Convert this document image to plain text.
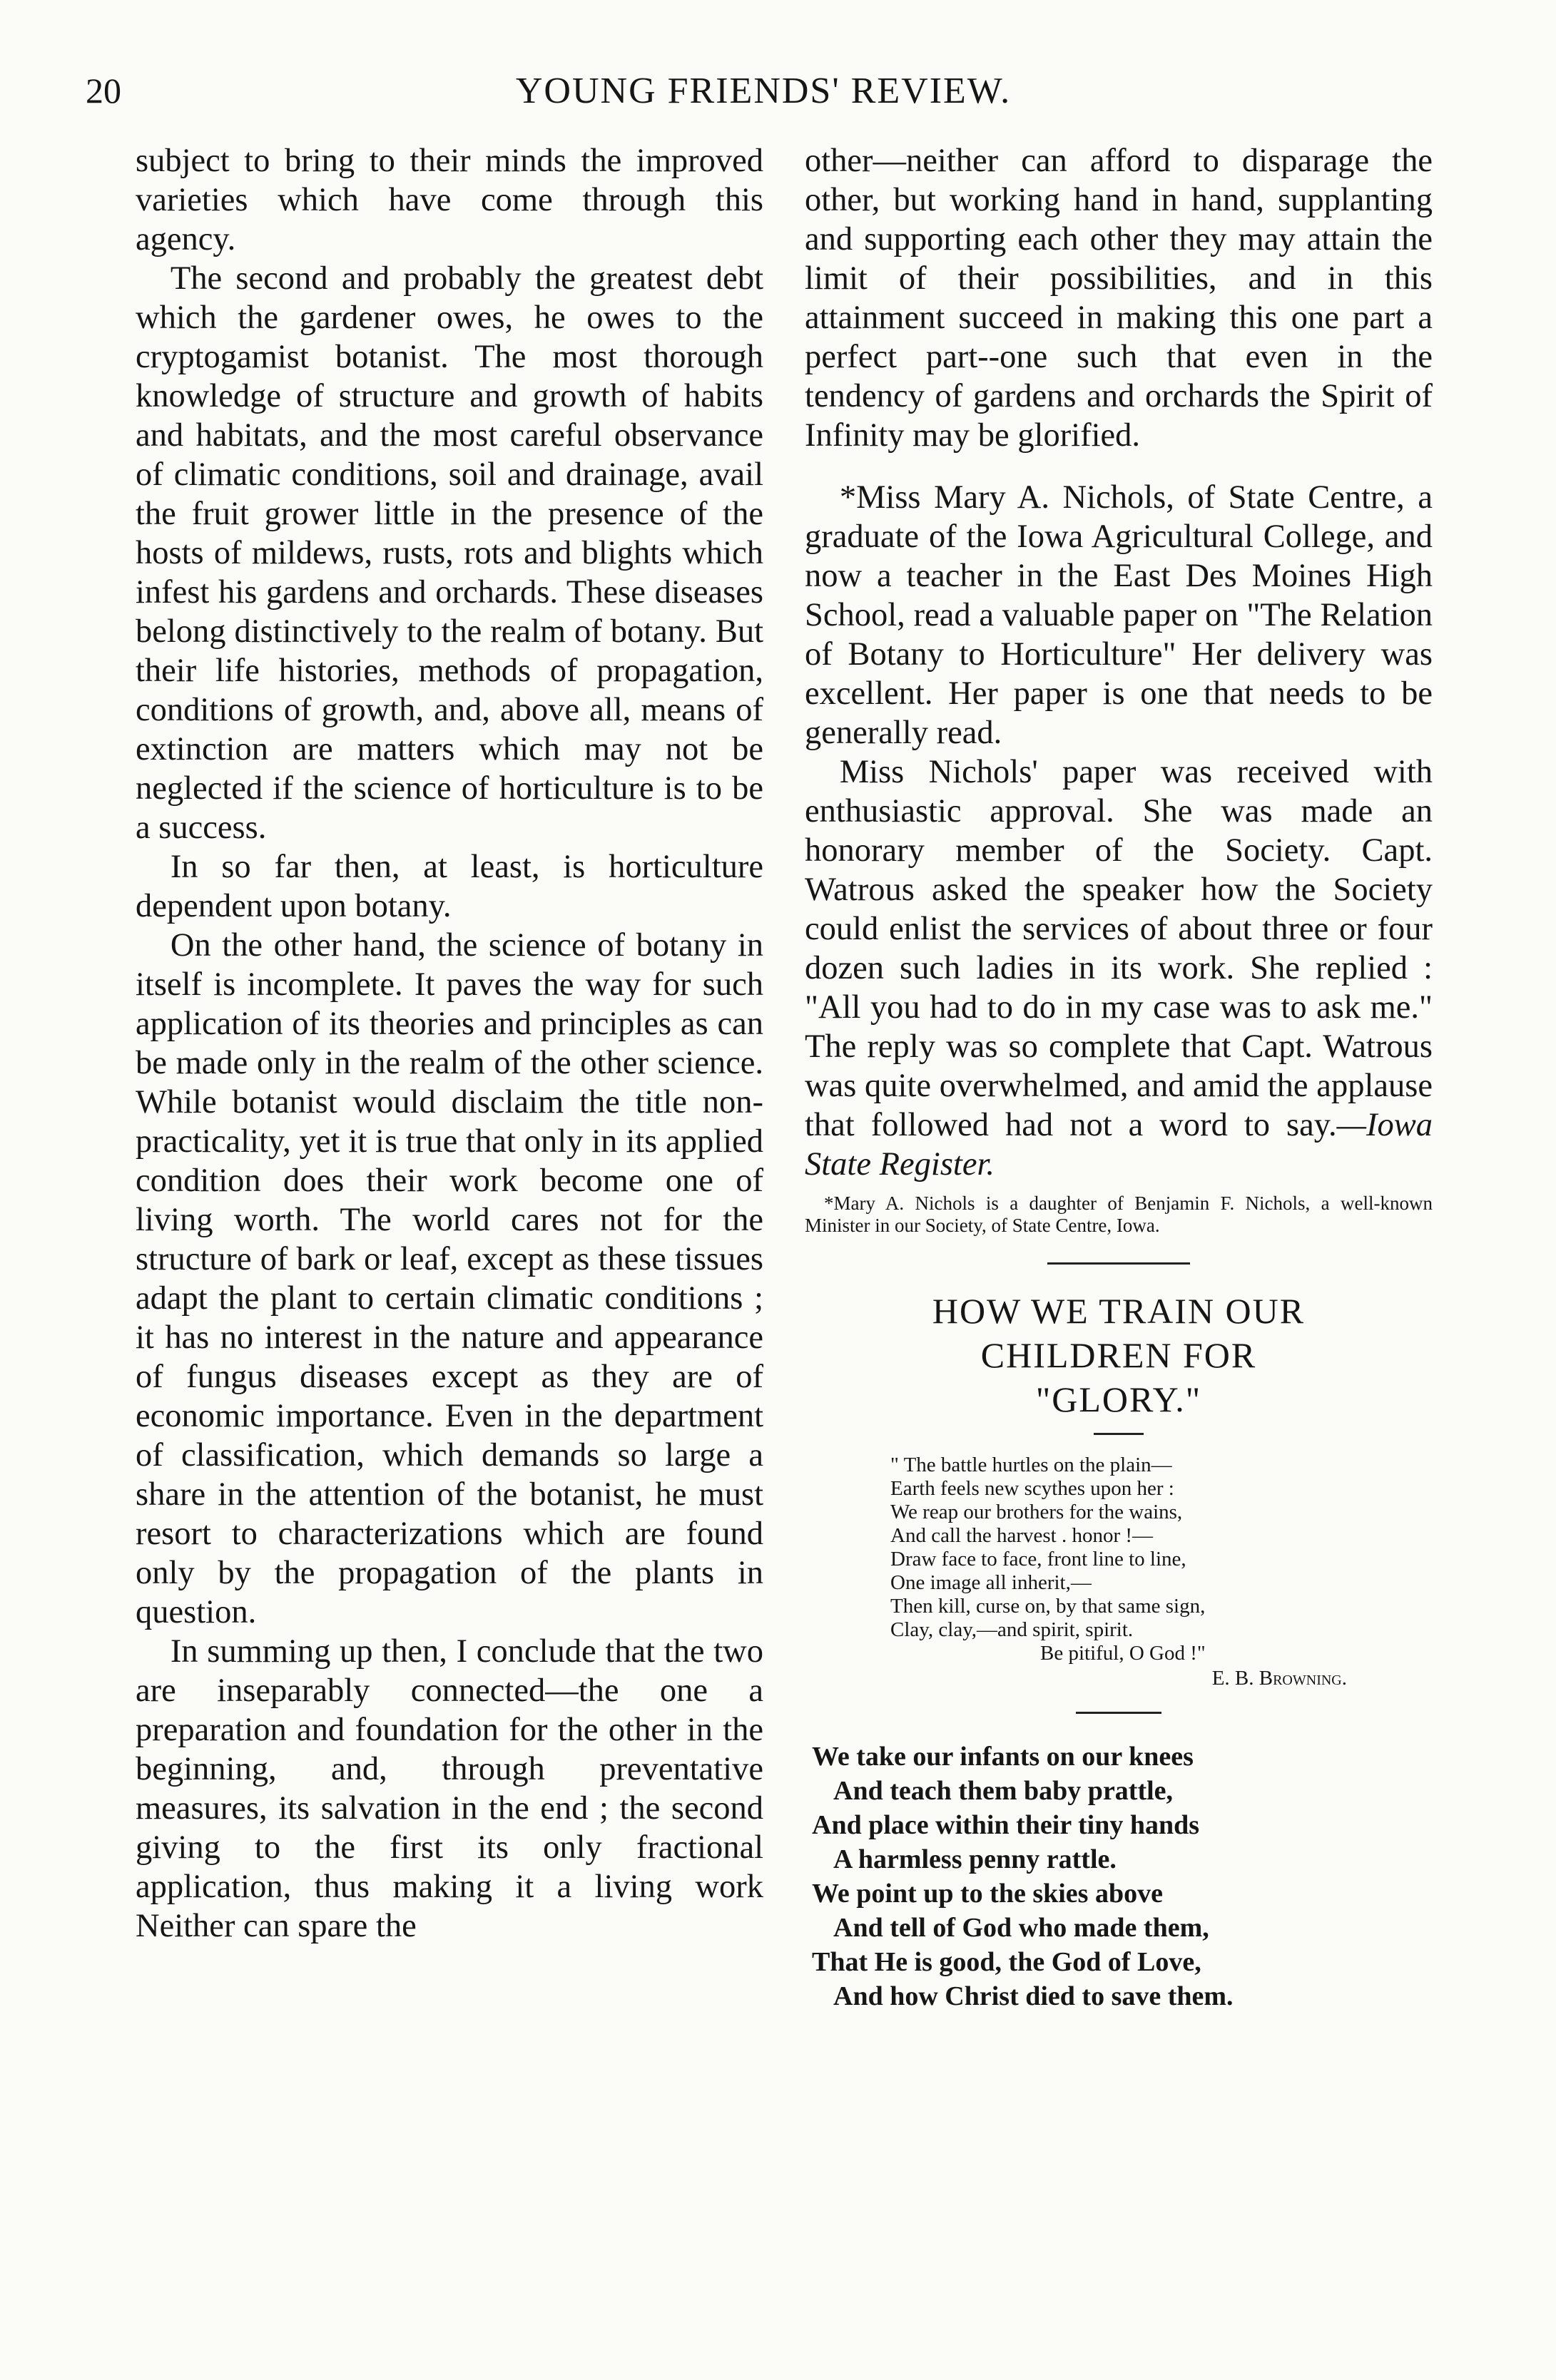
20	YOUNG FRIENDS' REVIEW.

subject to bring to their minds the improved varieties which have come through this agency.

The second and probably the greatest debt which the gardener owes, he owes to the cryptogamist botanist. The most thorough knowledge of structure and growth of habits and habitats, and the most careful observance of climatic conditions, soil and drainage, avail the fruit grower little in the presence of the hosts of mildews, rusts, rots and blights which infest his gardens and orchards. These diseases belong distinctively to the realm of botany. But their life histories, methods of propagation, conditions of growth, and, above all, means of extinction are matters which may not be neglected if the science of horticulture is to be a success.

In so far then, at least, is horticulture dependent upon botany.

On the other hand, the science of botany in itself is incomplete. It paves the way for such application of its theories and principles as can be made only in the realm of the other science. While botanist would disclaim the title non-practicality, yet it is true that only in its applied condition does their work become one of living worth. The world cares not for the structure of bark or leaf, except as these tissues adapt the plant to certain climatic conditions ; it has no interest in the nature and appearance of fungus diseases except as they are of economic importance. Even in the department of classification, which demands so large a share in the attention of the botanist, he must resort to characterizations which are found only by the propagation of the plants in question.

In summing up then, I conclude that the two are inseparably connected—the one a preparation and foundation for the other in the beginning, and, through preventative measures, its salvation in the end ; the second giving to the first its only fractional application, thus making it a living work Neither can spare the

other—neither can afford to disparage the other, but working hand in hand, supplanting and supporting each other they may attain the limit of their possibilities, and in this attainment succeed in making this one part a perfect part--one such that even in the tendency of gardens and orchards the Spirit of Infinity may be glorified.

*Miss Mary A. Nichols, of State Centre, a graduate of the Iowa Agricultural College, and now a teacher in the East Des Moines High School, read a valuable paper on "The Relation of Botany to Horticulture" Her delivery was excellent. Her paper is one that needs to be generally read.

Miss Nichols' paper was received with enthusiastic approval. She was made an honorary member of the Society. Capt. Watrous asked the speaker how the Society could enlist the services of about three or four dozen such ladies in its work. She replied : "All you had to do in my case was to ask me." The reply was so complete that Capt. Watrous was quite overwhelmed, and amid the applause that followed had not a word to say.—Iowa State Register.

*Mary A. Nichols is a daughter of Benjamin F. Nichols, a well-known Minister in our Society, of State Centre, Iowa.
HOW WE TRAIN OUR
CHILDREN FOR
"GLORY."
" The battle hurtles on the plain—
Earth feels new scythes upon her :
We reap our brothers for the wains,
And call the harvest . honor !—
Draw face to face, front line to line,
One image all inherit,—
Then kill, curse on, by that same sign,
Clay, clay,—and spirit, spirit.
Be pitiful, O God !"
E. B. Browning.
We take our infants on our knees
And teach them baby prattle,
And place within their tiny hands
A harmless penny rattle.
We point up to the skies above
And tell of God who made them,
That He is good, the God of Love,
And how Christ died to save them.
